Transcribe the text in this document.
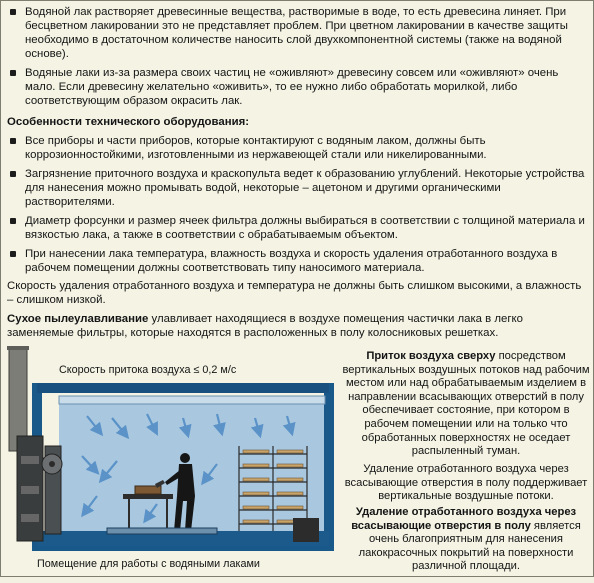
Водяной лак растворяет древесинные вещества, растворимые в воде, то есть древесина линяет. При бесцветном лакировании это не представляет проблем. При цветном лакировании в качестве защиты необходимо в достаточном количестве наносить слой двухкомпонентной системы (также на водяной основе).
Водяные лаки из-за размера своих частиц не «оживляют» древесину совсем или «оживляют» очень мало. Если древесину желательно «оживить», то ее нужно либо обработать морилкой, либо соответствующим образом окрасить лак.
Особенности технического оборудования:
Все приборы и части приборов, которые контактируют с водяным лаком, должны быть коррозионностойкими, изготовленными из нержавеющей стали или никелированными.
Загрязнение приточного воздуха и краскопульта ведет к образованию углублений. Некоторые устройства для нанесения можно промывать водой, некоторые – ацетоном и другими органическими растворителями.
Диаметр форсунки и размер ячеек фильтра должны выбираться в соответствии с толщиной материала и вязкостью лака, а также в соответствии с обрабатываемым объектом.
При нанесении лака температура, влажность воздуха и скорость удаления отработанного воздуха в рабочем помещении должны соответствовать типу наносимого материала.
Скорость удаления отработанного воздуха и температура не должны быть слишком высокими, а влажность – слишком низкой.
Сухое пылеулавливание улавливает находящиеся в воздухе помещения частички лака в легко заменяемые фильтры, которые находятся в расположенных в полу колосниковых решетках.
Скорость притока воздуха ≤ 0,2 м/с
Помещение для работы с водяными лаками
Приток воздуха сверху посредством вертикальных воздушных потоков над рабочим местом или над обрабатываемым изделием в направлении всасывающих отверстий в полу обеспечивает состояние, при котором в рабочем помещении или на только что обработанных поверхностях не оседает распыленный туман.
Удаление отработанного воздуха через всасывающие отверстия в полу поддерживает вертикальные воздушные потоки.
Удаление отработанного воздуха через всасывающие отверстия в полу является очень благоприятным для нанесения лакокрасочных покрытий на поверхности различной площади.
